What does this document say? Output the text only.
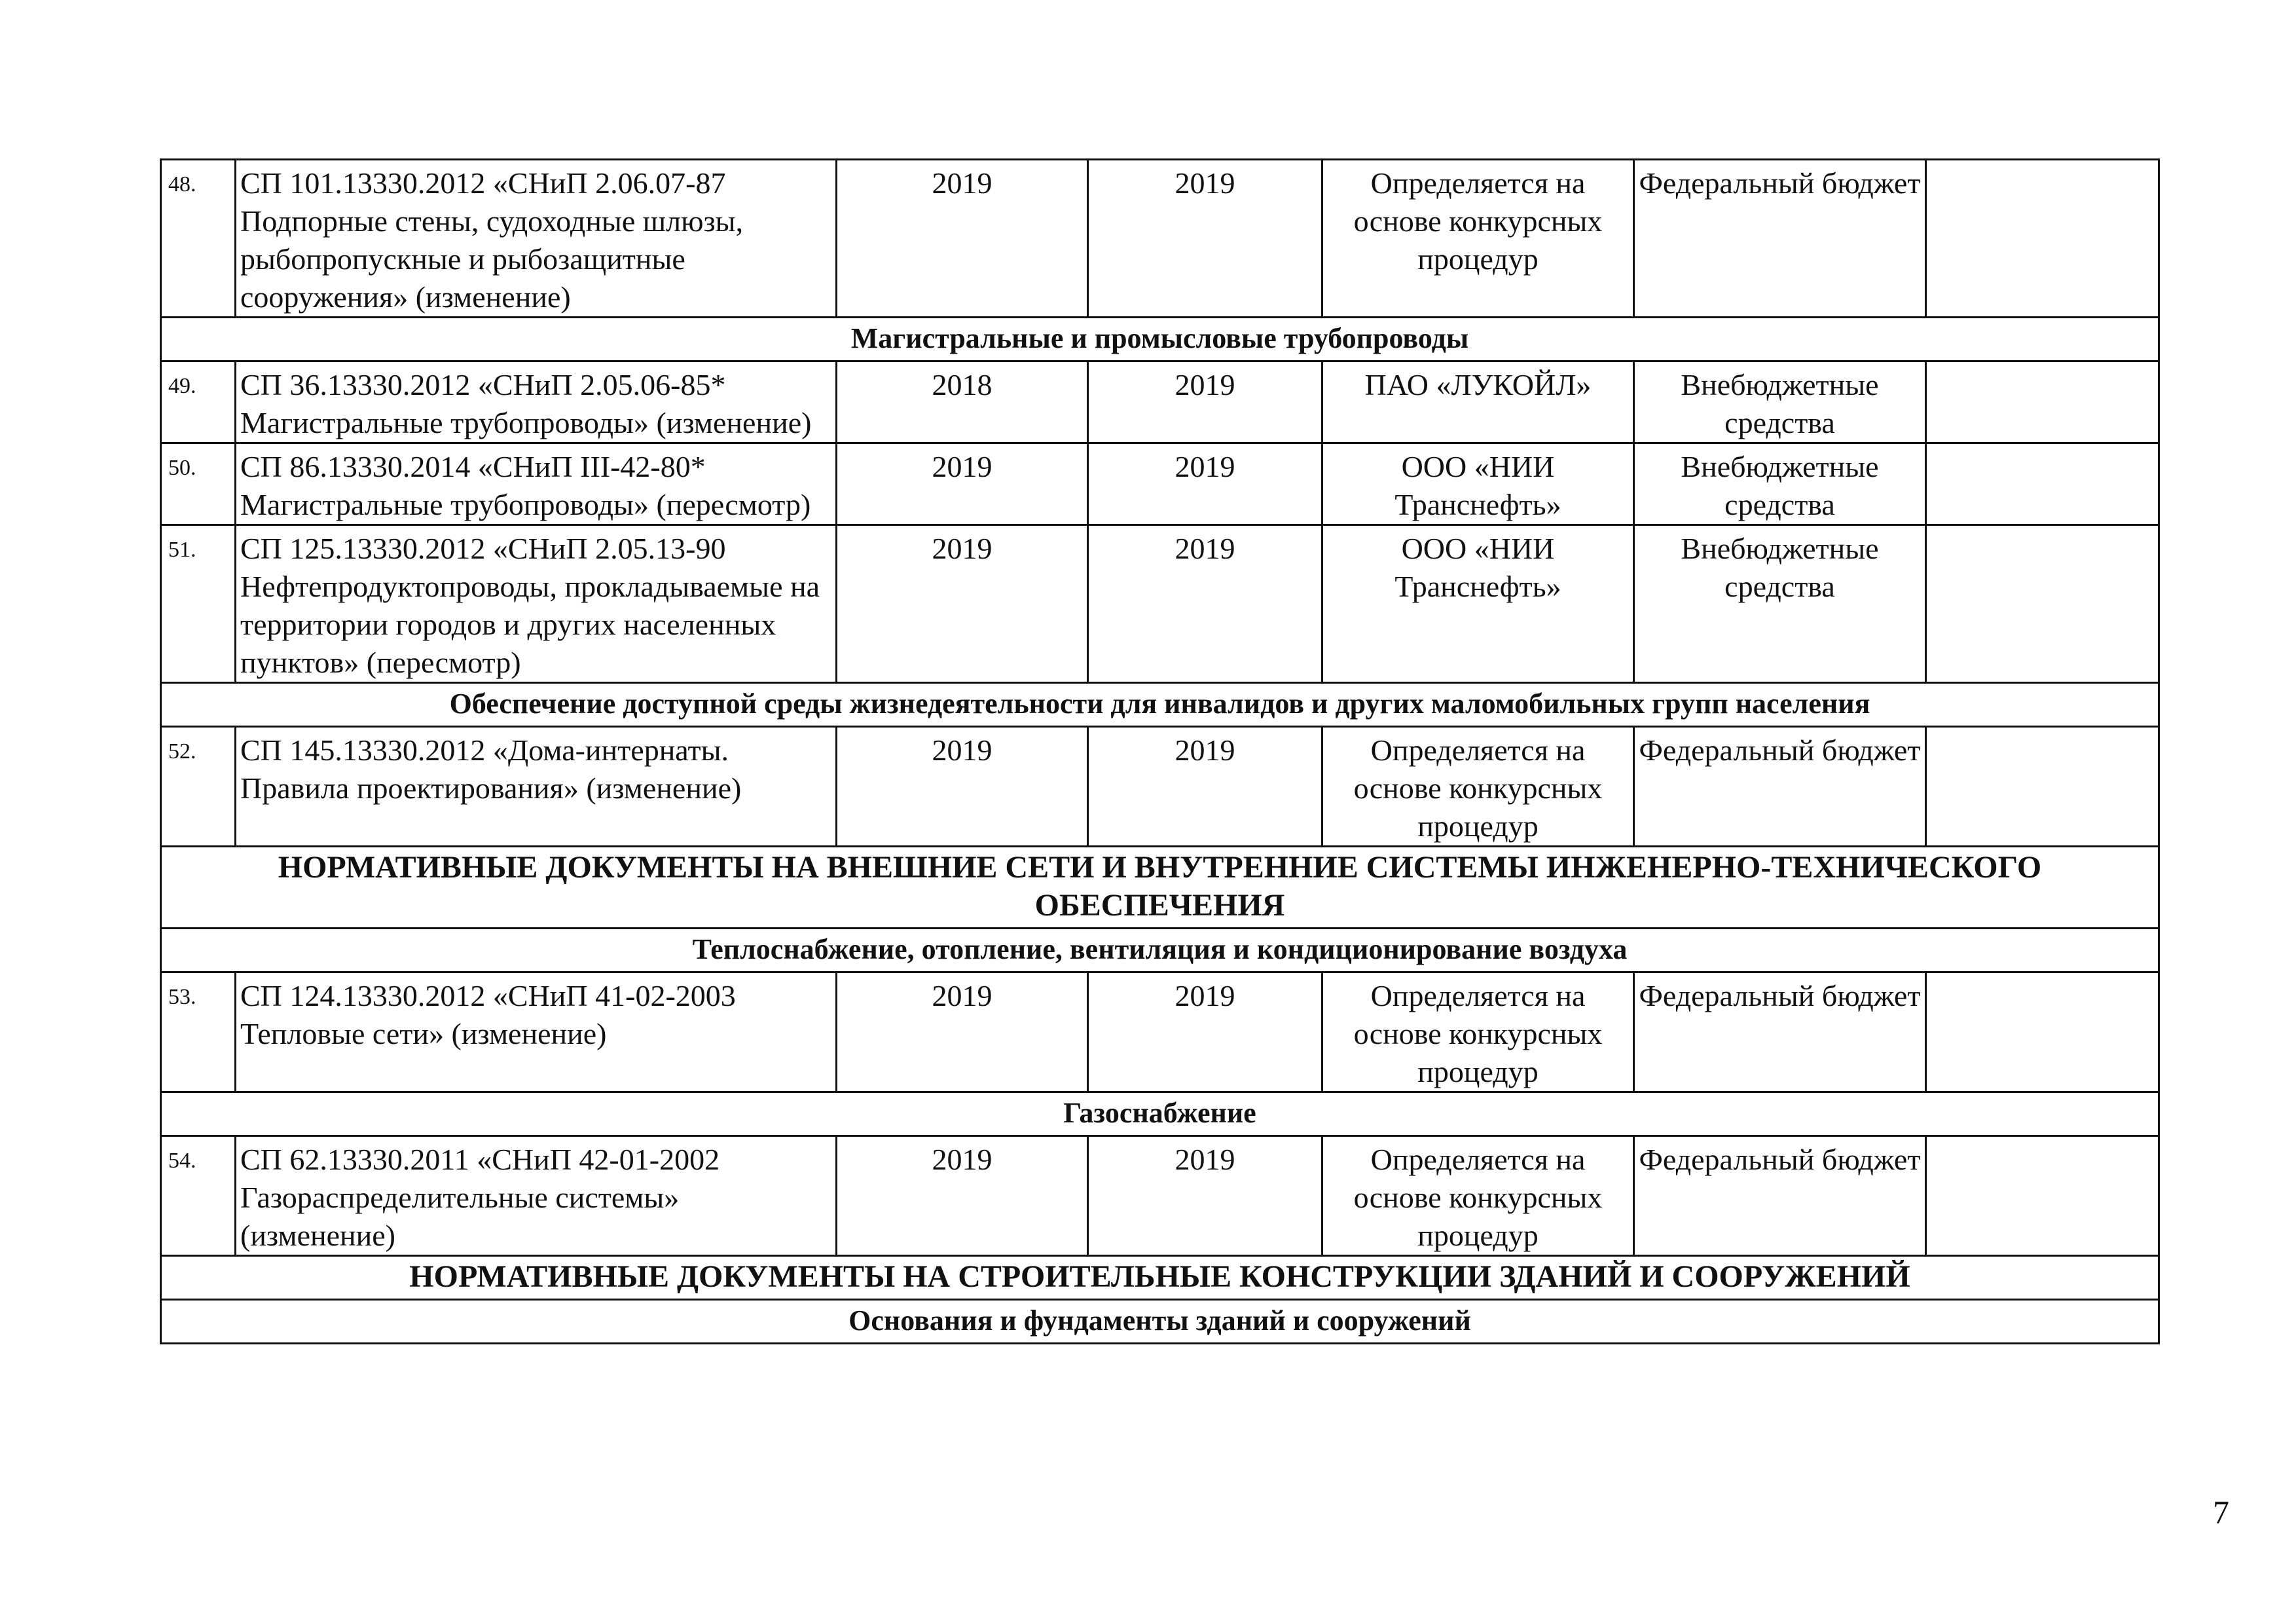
48.	СП 101.13330.2012 «СНиП 2.06.07-87 Подпорные стены, судоходные шлюзы, рыбопропускные и рыбозащитные сооружения» (изменение)	2019	2019	Определяется на основе конкурсных процедур	Федеральный бюджет	
Магистральные и промысловые трубопроводы						
49.	СП 36.13330.2012 «СНиП 2.05.06-85* Магистральные трубопроводы» (изменение)	2018	2019	ПАО «ЛУКОЙЛ»	Внебюджетные средства	
50.	СП 86.13330.2014 «СНиП III-42-80* Магистральные трубопроводы» (пересмотр)	2019	2019	ООО «НИИ Транснефть»	Внебюджетные средства	
51.	СП 125.13330.2012 «СНиП 2.05.13-90 Нефтепродуктопроводы, прокладываемые на территории городов и других населенных пунктов» (пересмотр)	2019	2019	ООО «НИИ Транснефть»	Внебюджетные средства	
Обеспечение доступной среды жизнедеятельности для инвалидов и других маломобильных групп населения						
52.	СП 145.13330.2012 «Дома-интернаты. Правила проектирования» (изменение)	2019	2019	Определяется на основе конкурсных процедур	Федеральный бюджет	
НОРМАТИВНЫЕ ДОКУМЕНТЫ НА ВНЕШНИЕ СЕТИ И ВНУТРЕННИЕ СИСТЕМЫ ИНЖЕНЕРНО-ТЕХНИЧЕСКОГО ОБЕСПЕЧЕНИЯ						
Теплоснабжение, отопление, вентиляция и кондиционирование воздуха						
53.	СП 124.13330.2012 «СНиП 41-02-2003 Тепловые сети» (изменение)	2019	2019	Определяется на основе конкурсных процедур	Федеральный бюджет	
Газоснабжение						
54.	СП 62.13330.2011 «СНиП 42-01-2002 Газораспределительные системы» (изменение)	2019	2019	Определяется на основе конкурсных процедур	Федеральный бюджет	
НОРМАТИВНЫЕ ДОКУМЕНТЫ НА СТРОИТЕЛЬНЫЕ КОНСТРУКЦИИ ЗДАНИЙ И СООРУЖЕНИЙ						
Основания и фундаменты зданий и сооружений						
7
